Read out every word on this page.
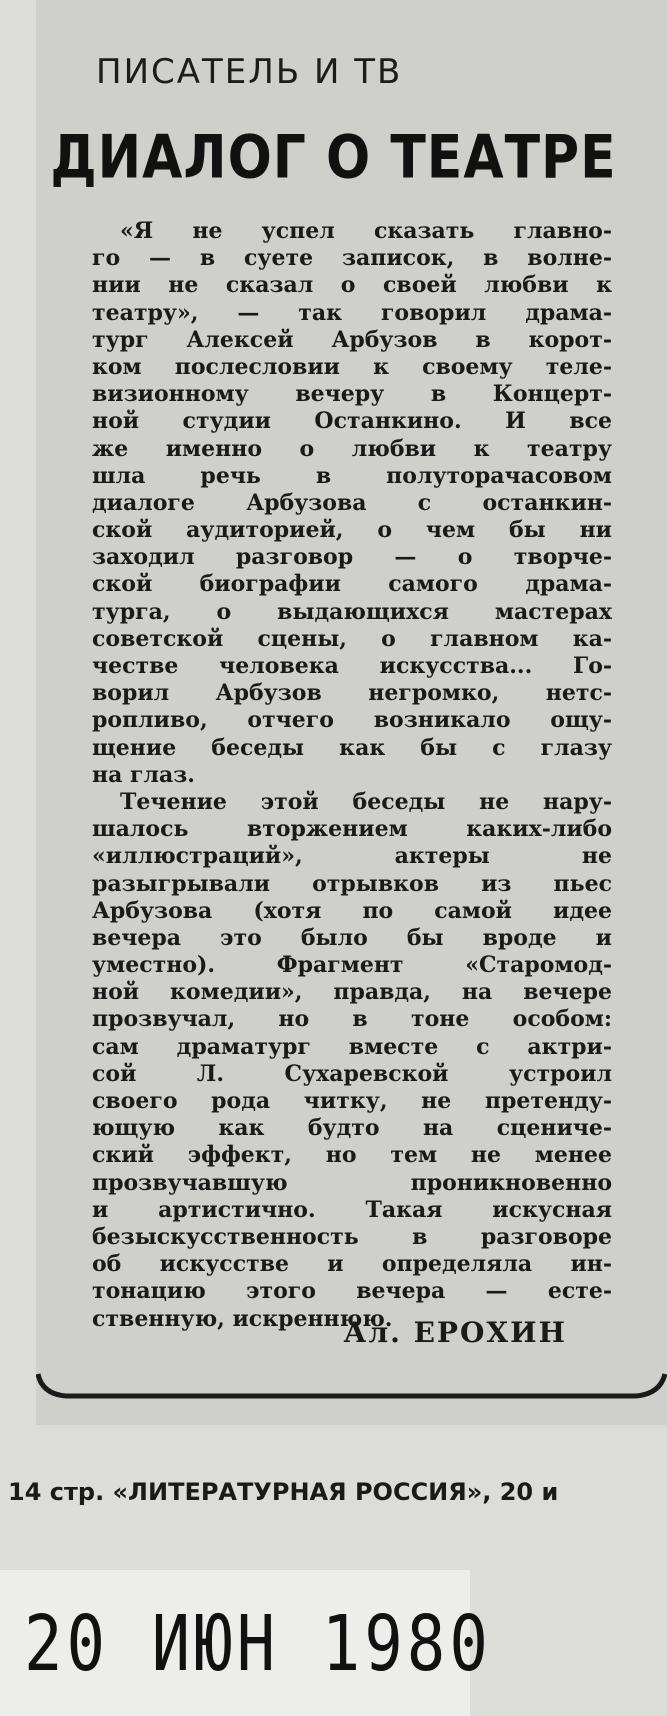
ПИСАТЕЛЬ И ТВ
ДИАЛОГ О ТЕАТРЕ
«Я не успел сказать главно-
го — в суете записок, в волне-
нии не сказал о своей любви к
театру», — так говорил драма-
тург Алексей Арбузов в корот-
ком послесловии к своему теле-
визионному вечеру в Концерт-
ной студии Останкино. И все
же именно о любви к театру
шла речь в полуторачасовом
диалоге Арбузова с останкин-
ской аудиторией, о чем бы ни
заходил разговор — о творче-
ской биографии самого драма-
турга, о выдающихся мастерах
советской сцены, о главном ка-
честве человека искусства... Го-
ворил Арбузов негромко, нетс-
ропливо, отчего возникало ощу-
щение беседы как бы с глазу
на глаз.
Течение этой беседы не нару-
шалось вторжением каких-либо
«иллюстраций», актеры не
разыгрывали отрывков из пьес
Арбузова (хотя по самой идее
вечера это было бы вроде и
уместно). Фрагмент «Старомод-
ной комедии», правда, на вечере
прозвучал, но в тоне особом:
сам драматург вместе с актри-
сой Л. Сухаревской устроил
своего рода читку, не претенду-
ющую как будто на сцениче-
ский эффект, но тем не менее
прозвучавшую проникновенно
и артистично. Такая искусная
безыскусственность в разговоре
об искусстве и определяла ин-
тонацию этого вечера — есте-
ственную, искреннюю.
Ал. ЕРОХИН
14 стр. «ЛИТЕРАТУРНАЯ РОССИЯ», 20 и
20 ИЮН 1980
